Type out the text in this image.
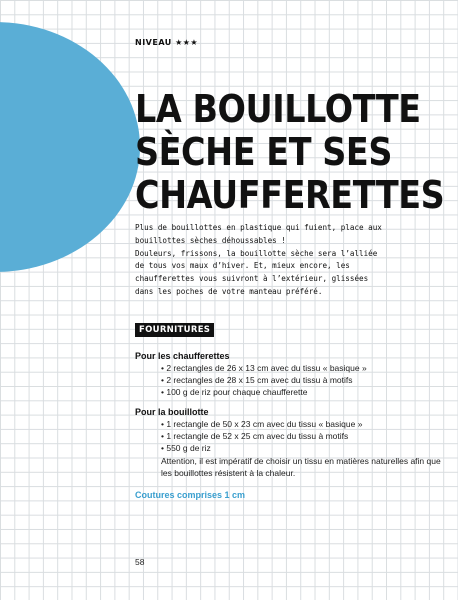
NIVEAU ★★★
LA BOUILLOTTE
SÈCHE ET SES
CHAUFFERETTES
Plus de bouillottes en plastique qui fuient, place aux
bouillottes sèches déhoussables !
Douleurs, frissons, la bouillotte sèche sera l’alliée
de tous vos maux d’hiver. Et, mieux encore, les
chaufferettes vous suivront à l’extérieur, glissées
dans les poches de votre manteau préféré.
FOURNITURES
Pour les chaufferettes
• 2 rectangles de 26 x 13 cm avec du tissu « basique »
• 2 rectangles de 28 x 15 cm avec du tissu à motifs
• 100 g de riz pour chaque chaufferette
Pour la bouillotte
• 1 rectangle de 50 x 23 cm avec du tissu « basique »
• 1 rectangle de 52 x 25 cm avec du tissu à motifs
• 550 g de riz
Attention, il est impératif de choisir un tissu en matières naturelles afin que les bouillottes résistent à la chaleur.
Coutures comprises 1 cm
58
